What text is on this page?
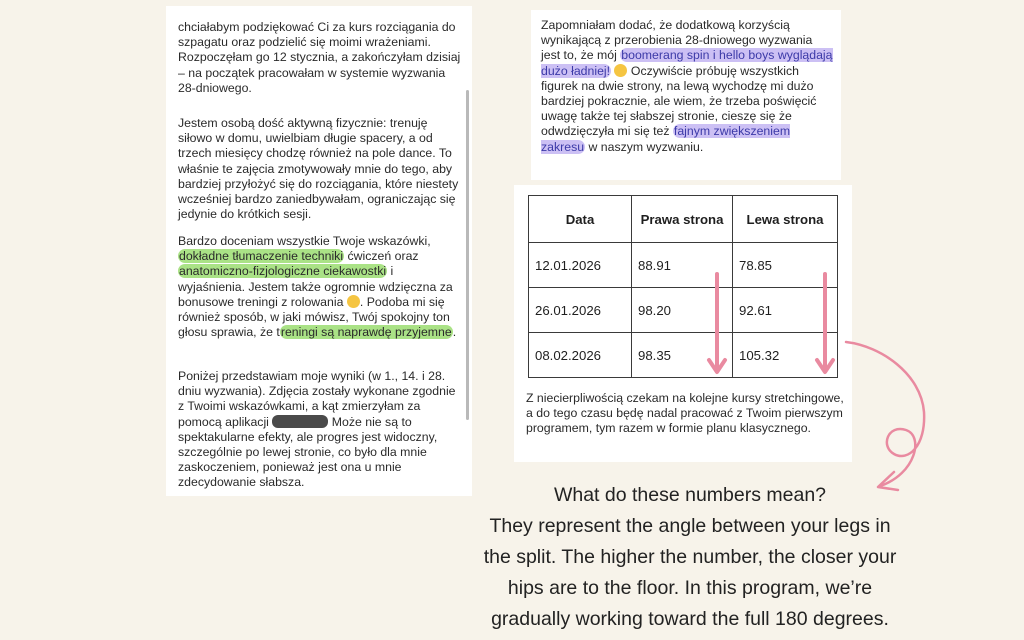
chciałabym podziękować Ci za kurs rozciągania do szpagatu oraz podzielić się moimi wrażeniami. Rozpoczęłam go 12 stycznia, a zakończyłam dzisiaj – na początek pracowałam w systemie wyzwania 28-dniowego.

Jestem osobą dość aktywną fizycznie: trenuję siłowo w domu, uwielbiam długie spacery, a od trzech miesięcy chodzę również na pole dance. To właśnie te zajęcia zmotywowały mnie do tego, aby bardziej przyłożyć się do rozciągania, które niestety wcześniej bardzo zaniedbywałam, ograniczając się jedynie do krótkich sesji.

Bardzo doceniam wszystkie Twoje wskazówki, dokładne tłumaczenie techniki ćwiczeń oraz anatomiczno-fizjologiczne ciekawostki i wyjaśnienia. Jestem także ogromnie wdzięczna za bonusowe treningi z rolowania . Podoba mi się również sposób, w jaki mówisz, Twój spokojny ton głosu sprawia, że treningi są naprawdę przyjemne.

Poniżej przedstawiam moje wyniki (w 1., 14. i 28. dniu wyzwania). Zdjęcia zostały wykonane zgodnie z Twoimi wskazówkami, a kąt zmierzyłam za pomocą aplikacji	Może nie są to spektakularne efekty, ale progres jest widoczny, szczególnie po lewej stronie, co było dla mnie zaskoczeniem, ponieważ jest ona u mnie zdecydowanie słabsza.

Zapomniałam dodać, że dodatkową korzyścią wynikającą z przerobienia 28-dniowego wyzwania jest to, że mój boomerang spin i hello boys wyglądają dużo ładniej!  Oczywiście próbuję wszystkich figurek na dwie strony, na lewą wychodzę mi dużo bardziej pokracznie, ale wiem, że trzeba poświęcić uwagę także tej słabszej stronie, cieszę się że odwdzięczyła mi się też fajnym zwiększeniem zakresu w naszym wyzwaniu.

Data	Prawa strona	Lewa strona
12.01.2026	88.91	78.85
26.01.2026	98.20	92.61
08.02.2026	98.35	105.32

Z niecierpliwością czekam na kolejne kursy stretchingowe, a do tego czasu będę nadal pracować z Twoim pierwszym programem, tym razem w formie planu klasycznego.

What do these numbers mean?
They represent the angle between your legs in
the split. The higher the number, the closer your
hips are to the floor. In this program, we’re
gradually working toward the full 180 degrees.
